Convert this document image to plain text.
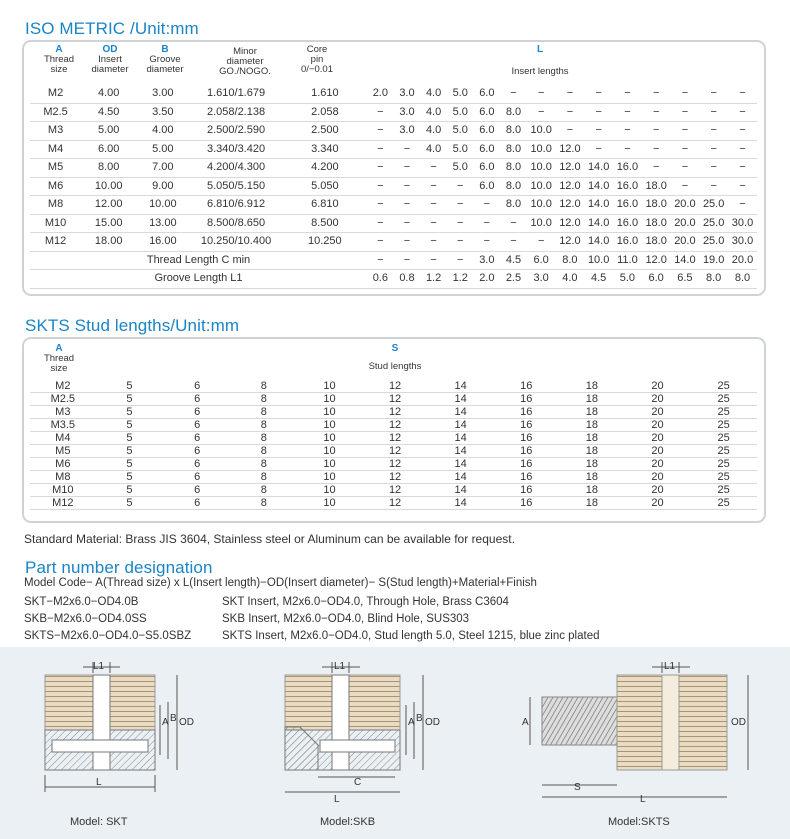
ISO METRIC /Unit:mm
A
Thread
size
OD
Insert
diameter
B
Groove
diameter
Minor
diameter
GO./NOGO.
Core
pin
0/−0.01
L
Insert lengths
M2	4.00	3.00	1.610/1.679	1.610	2.0	3.0	4.0	5.0	6.0	−	−	−	−	−	−	−	−	−
M2.5	4.50	3.50	2.058/2.138	2.058	−	3.0	4.0	5.0	6.0	8.0	−	−	−	−	−	−	−	−
M3	5.00	4.00	2.500/2.590	2.500	−	3.0	4.0	5.0	6.0	8.0	10.0	−	−	−	−	−	−	−
M4	6.00	5.00	3.340/3.420	3.340	−	−	4.0	5.0	6.0	8.0	10.0	12.0	−	−	−	−	−	−
M5	8.00	7.00	4.200/4.300	4.200	−	−	−	5.0	6.0	8.0	10.0	12.0	14.0	16.0	−	−	−	−
M6	10.00	9.00	5.050/5.150	5.050	−	−	−	−	6.0	8.0	10.0	12.0	14.0	16.0	18.0	−	−	−
M8	12.00	10.00	6.810/6.912	6.810	−	−	−	−	−	8.0	10.0	12.0	14.0	16.0	18.0	20.0	25.0	−
M10	15.00	13.00	8.500/8.650	8.500	−	−	−	−	−	−	10.0	12.0	14.0	16.0	18.0	20.0	25.0	30.0
M12	18.00	16.00	10.250/10.400	10.250	−	−	−	−	−	−	−	12.0	14.0	16.0	18.0	20.0	25.0	30.0
Thread Length C min					−	−	−	−	3.0	4.5	6.0	8.0	10.0	11.0	12.0	14.0	19.0	20.0
Groove Length L1					0.6	0.8	1.2	1.2	2.0	2.5	3.0	4.0	4.5	5.0	6.0	6.5	8.0	8.0
SKTS Stud lengths/Unit:mm
A
Thread
size
S
Stud lengths
M2	5	6	8	10	12	14	16	18	20	25
M2.5	5	6	8	10	12	14	16	18	20	25
M3	5	6	8	10	12	14	16	18	20	25
M3.5	5	6	8	10	12	14	16	18	20	25
M4	5	6	8	10	12	14	16	18	20	25
M5	5	6	8	10	12	14	16	18	20	25
M6	5	6	8	10	12	14	16	18	20	25
M8	5	6	8	10	12	14	16	18	20	25
M10	5	6	8	10	12	14	16	18	20	25
M12	5	6	8	10	12	14	16	18	20	25
Standard Material: Brass JIS 3604, Stainless steel or Aluminum can be available for request.
Part number designation
Model Code− A(Thread size) x L(Insert length)−OD(Insert diameter)− S(Stud length)+Material+Finish
SKT−M2x6.0−OD4.0B	SKT Insert, M2x6.0−OD4.0, Through Hole, Brass C3604
SKB−M2x6.0−OD4.0SS	SKB Insert, M2x6.0−OD4.0, Blind Hole, SUS303
SKTS−M2x6.0−OD4.0−S5.0SBZ	SKTS Insert, M2x6.0−OD4.0, Stud length 5.0, Steel 1215, blue zinc plated
L1
A B OD
L
Model: SKT
L1
A B OD
C
L
Model:SKB
L1
A	OD
S
L
Model:SKTS
